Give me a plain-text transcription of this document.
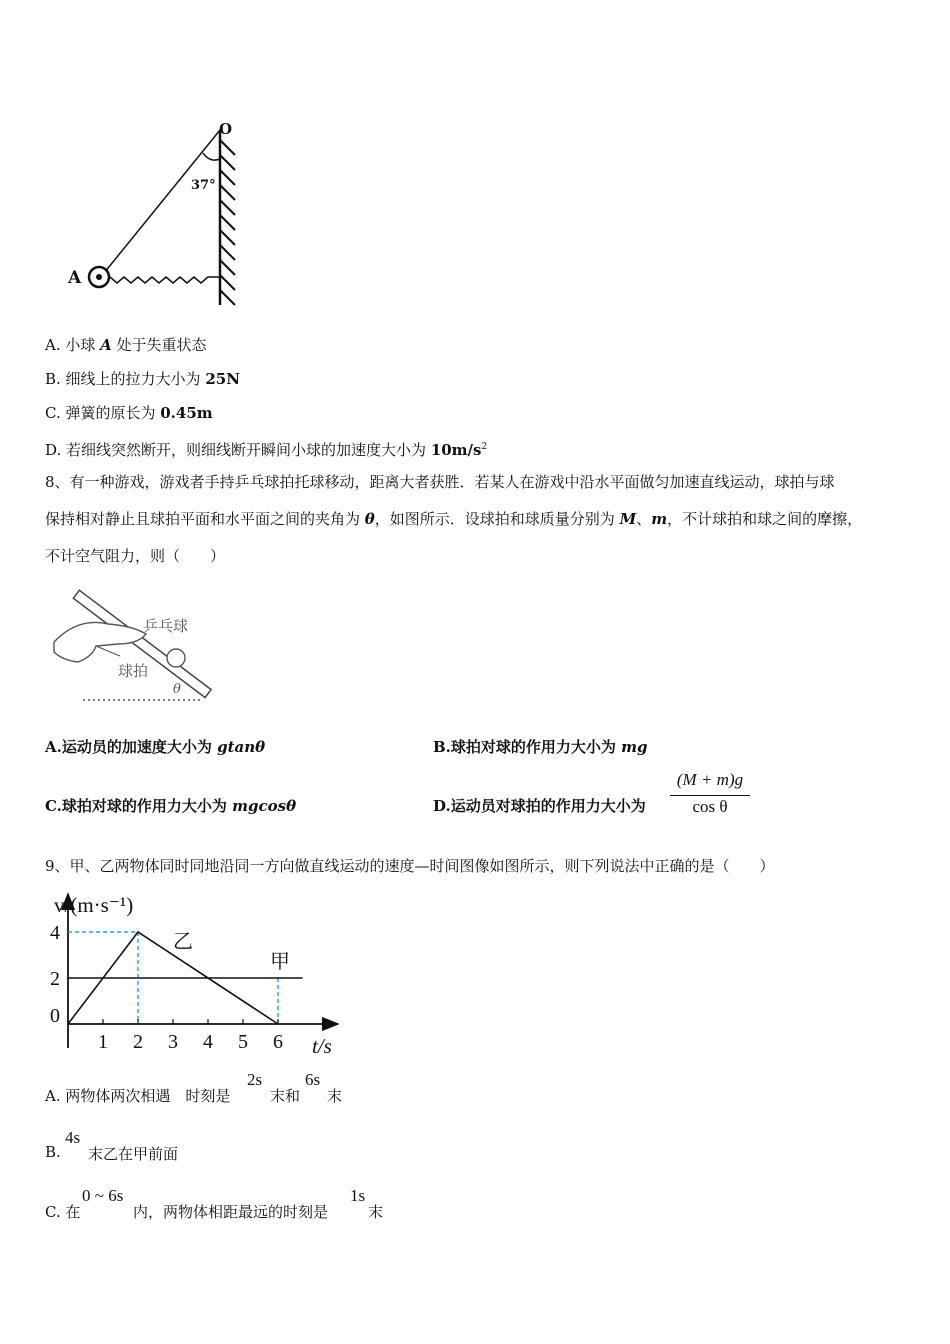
O
37°
A
A. 小球 A 处于失重状态
B. 细线上的拉力大小为 25N
C. 弹簧的原长为 0.45m
D. 若细线突然断开，则细线断开瞬间小球的加速度大小为 $10m/s^2$
8、有一种游戏，游戏者手持乒乓球拍托球移动，距离大者获胜．若某人在游戏中沿水平面做匀加速直线运动，球拍与球
保持相对静止且球拍平面和水平面之间的夹角为 θ，如图所示．设球拍和球质量分别为 M、m，不计球拍和球之间的摩擦，
不计空气阻力，则（　　）
乒乓球
球拍
θ
A.运动员的加速度大小为 gtanθ	B.球拍对球的作用力大小为 mg
C.球拍对球的作用力大小为 mgcosθ	D.运动员对球拍的作用力大小为
(M + m)g
cos θ
9、甲、乙两物体同时同地沿同一方向做直线运动的速度—时间图像如图所示，则下列说法中正确的是（　　）
1 2 3 4 5 6
0
2
4
甲
乙
v/(m·s⁻¹)
t/s
A. 两物体两次相遇　时刻是
2s
末和
6s
末
B.
4s
末乙在甲前面
C. 在
0 ~ 6s
内，两物体相距最远的时刻是
1s
末
